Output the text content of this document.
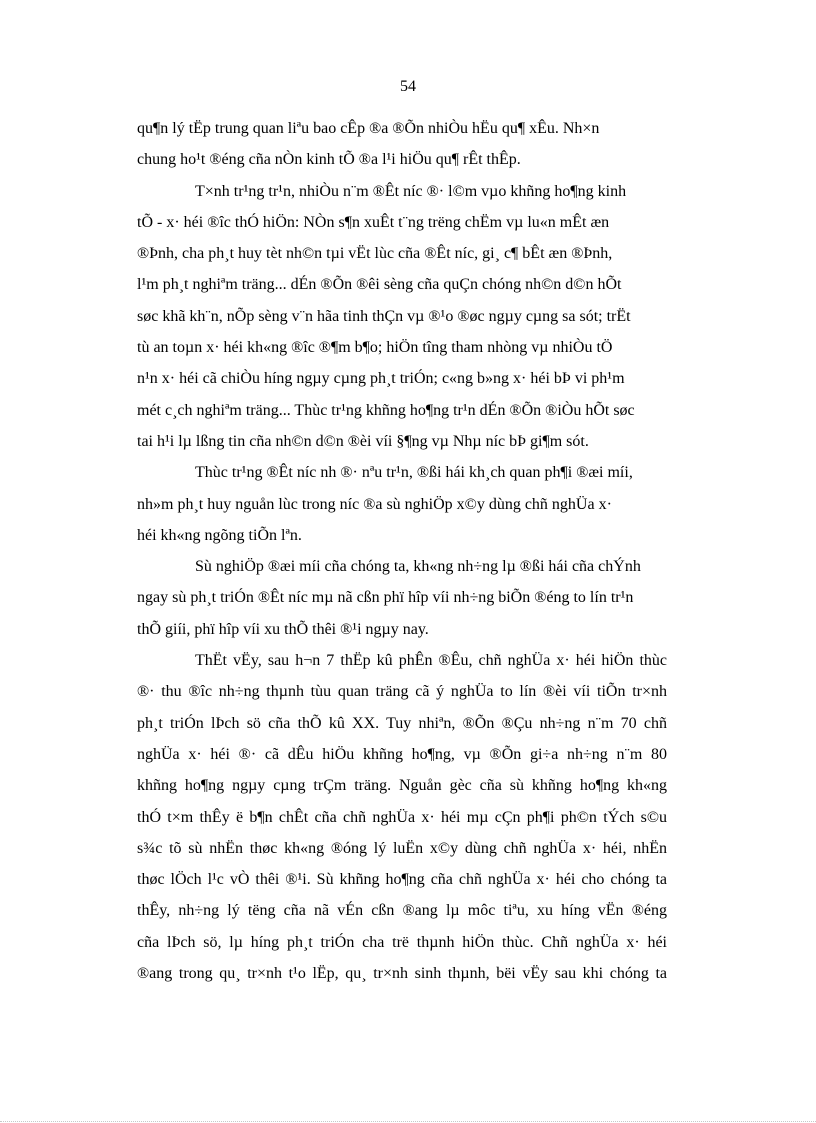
54

qu¶n lý tËp trung quan liªu bao cÊp ®a ®Õn nhiÒu hËu qu¶ xÊu. Nh×n
chung ho¹t ®éng cña nÒn kinh tÕ ®a l¹i hiÖu qu¶ rÊt thÊp.

T×nh tr¹ng tr¹n, nhiÒu n¨m ®Êt níc ®· l©m vµo khñng ho¶ng kinh
tÕ - x· héi ®îc thÓ hiÖn: NÒn s¶n xuÊt t¨ng trëng chËm vµ lu«n mÊt æn
®Þnh, cha ph¸t huy tèt nh©n tµi vËt lùc cña ®Êt níc, gi¸ c¶ bÊt æn ®Þnh,
l¹m ph¸t nghiªm träng... dÉn ®Õn ®êi sèng cña quÇn chóng nh©n d©n hÕt
søc khã kh¨n, nÕp sèng v¨n hãa tinh thÇn vµ ®¹o ®øc ngµy cµng sa sót; trËt
tù an toµn x· héi kh«ng ®îc ®¶m b¶o; hiÖn tîng tham nhòng vµ nhiÒu tÖ
n¹n x· héi cã chiÒu híng ngµy cµng ph¸t triÓn; c«ng b»ng x· héi bÞ vi ph¹m
mét c¸ch nghiªm träng... Thùc tr¹ng khñng ho¶ng tr¹n dÉn ®Õn ®iÒu hÕt søc
tai h¹i lµ lßng tin cña nh©n d©n ®èi víi §¶ng vµ Nhµ níc bÞ gi¶m sót.

Thùc tr¹ng ®Êt níc nh ®· nªu tr¹n, ®ßi hái kh¸ch quan ph¶i ®æi míi,
nh»m ph¸t huy nguån lùc trong níc ®a sù nghiÖp x©y dùng chñ nghÜa x·
héi kh«ng ngõng tiÕn lªn.

Sù nghiÖp ®æi míi cña chóng ta, kh«ng nh÷ng lµ ®ßi hái cña chÝnh
ngay sù ph¸t triÓn ®Êt níc mµ nã cßn phï hîp víi nh÷ng biÕn ®éng to lín tr¹n
thÕ giíi, phï hîp víi xu thÕ thêi ®¹i ngµy nay.

ThËt vËy, sau h¬n 7 thËp kû phÊn ®Êu, chñ nghÜa x· héi hiÖn thùc
®· thu ®îc nh÷ng thµnh tùu quan träng cã ý nghÜa to lín ®èi víi tiÕn tr×nh
ph¸t triÓn lÞch sö cña thÕ kû XX. Tuy nhiªn, ®Õn ®Çu nh÷ng n¨m 70 chñ
nghÜa x· héi ®· cã dÊu hiÖu khñng ho¶ng, vµ ®Õn gi÷a nh÷ng n¨m 80
khñng ho¶ng ngµy cµng trÇm träng. Nguån gèc cña sù khñng ho¶ng kh«ng
thÓ t×m thÊy ë b¶n chÊt cña chñ nghÜa x· héi mµ cÇn ph¶i ph©n tÝch s©u
s¾c tõ sù nhËn thøc kh«ng ®óng lý luËn x©y dùng chñ nghÜa x· héi, nhËn
thøc lÖch l¹c vÒ thêi ®¹i. Sù khñng ho¶ng cña chñ nghÜa x· héi cho chóng ta
thÊy, nh÷ng lý tëng cña nã vÉn cßn ®ang lµ môc tiªu, xu híng vËn ®éng
cña lÞch sö, lµ híng ph¸t triÓn cha trë thµnh hiÖn thùc. Chñ nghÜa x· héi
®ang trong qu¸ tr×nh t¹o lËp, qu¸ tr×nh sinh thµnh, bëi vËy sau khi chóng ta
